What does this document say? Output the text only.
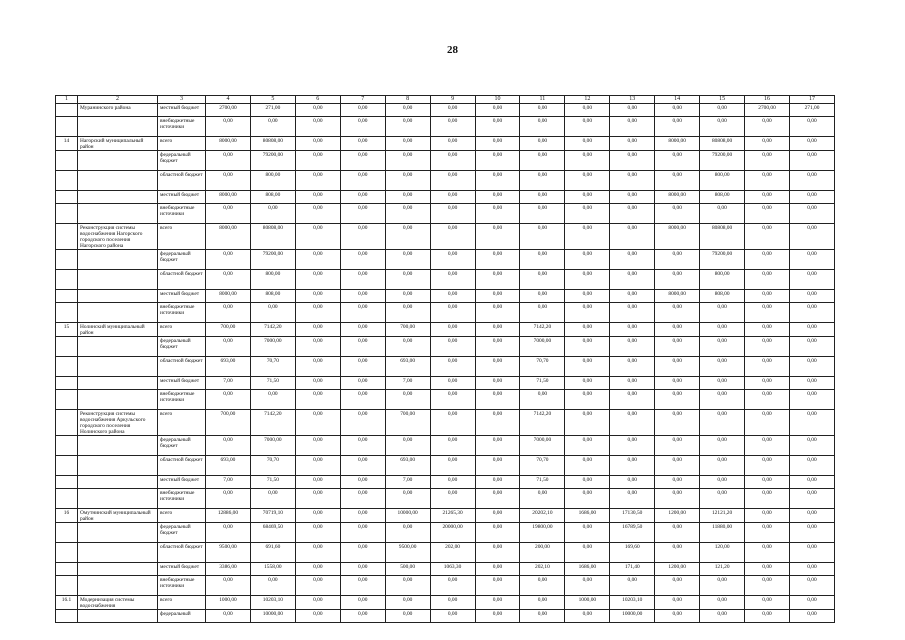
28
1	2	3	4	5	6	7	8	9	10	11	12	13	14	15	16	17
	Муранинского района	местный бюджет	2700,00	271,00	0,00	0,00	0,00	0,00	0,00	0,00	0,00	0,00	0,00	0,00	2700,00	271,00
		внебюджетные источники	0,00	0,00	0,00	0,00	0,00	0,00	0,00	0,00	0,00	0,00	0,00	0,00	0,00	0,00
14	Нагорский муниципальный район	всего	8000,00	80808,00	0,00	0,00	0,00	0,00	0,00	0,00	0,00	0,00	8000,00	80808,00	0,00	0,00
		федеральный бюджет	0,00	79200,00	0,00	0,00	0,00	0,00	0,00	0,00	0,00	0,00	0,00	79200,00	0,00	0,00
		областной бюджет	0,00	800,00	0,00	0,00	0,00	0,00	0,00	0,00	0,00	0,00	0,00	800,00	0,00	0,00
		местный бюджет	8000,00	808,00	0,00	0,00	0,00	0,00	0,00	0,00	0,00	0,00	8000,00	808,00	0,00	0,00
		внебюджетные источники	0,00	0,00	0,00	0,00	0,00	0,00	0,00	0,00	0,00	0,00	0,00	0,00	0,00	0,00
	Реконструкция системы водоснабжения Нагорского городского поселения Нагорского района	всего	8000,00	80808,00	0,00	0,00	0,00	0,00	0,00	0,00	0,00	0,00	8000,00	80808,00	0,00	0,00
		федеральный бюджет	0,00	79200,00	0,00	0,00	0,00	0,00	0,00	0,00	0,00	0,00	0,00	79200,00	0,00	0,00
		областной бюджет	0,00	800,00	0,00	0,00	0,00	0,00	0,00	0,00	0,00	0,00	0,00	800,00	0,00	0,00
		местный бюджет	8000,00	808,00	0,00	0,00	0,00	0,00	0,00	0,00	0,00	0,00	8000,00	808,00	0,00	0,00
		внебюджетные источники	0,00	0,00	0,00	0,00	0,00	0,00	0,00	0,00	0,00	0,00	0,00	0,00	0,00	0,00
15	Нолинский муниципальный район	всего	700,00	7142,20	0,00	0,00	700,00	0,00	0,00	7142,20	0,00	0,00	0,00	0,00	0,00	0,00
		федеральный бюджет	0,00	7000,00	0,00	0,00	0,00	0,00	0,00	7000,00	0,00	0,00	0,00	0,00	0,00	0,00
		областной бюджет	693,00	70,70	0,00	0,00	693,00	0,00	0,00	70,70	0,00	0,00	0,00	0,00	0,00	0,00
		местный бюджет	7,00	71,50	0,00	0,00	7,00	0,00	0,00	71,50	0,00	0,00	0,00	0,00	0,00	0,00
		внебюджетные источники	0,00	0,00	0,00	0,00	0,00	0,00	0,00	0,00	0,00	0,00	0,00	0,00	0,00	0,00
	Реконструкция системы водоснабжения Аркульского городского поселения Нолинского района	всего	700,00	7142,20	0,00	0,00	700,00	0,00	0,00	7142,20	0,00	0,00	0,00	0,00	0,00	0,00
		федеральный бюджет	0,00	7000,00	0,00	0,00	0,00	0,00	0,00	7000,00	0,00	0,00	0,00	0,00	0,00	0,00
		областной бюджет	693,00	70,70	0,00	0,00	693,00	0,00	0,00	70,70	0,00	0,00	0,00	0,00	0,00	0,00
		местный бюджет	7,00	71,50	0,00	0,00	7,00	0,00	0,00	71,50	0,00	0,00	0,00	0,00	0,00	0,00
		внебюджетные источники	0,00	0,00	0,00	0,00	0,00	0,00	0,00	0,00	0,00	0,00	0,00	0,00	0,00	0,00
16	Омутнинский муниципальный район	всего	12886,00	70719,10	0,00	0,00	10000,00	21265,30	0,00	20202,10	1686,00	17130,50	1200,00	12121,20	0,00	0,00
		федеральный бюджет	0,00	68469,50	0,00	0,00	0,00	20000,00	0,00	19800,00	0,00	16789,50	0,00	11880,00	0,00	0,00
		областной бюджет	9500,00	691,60	0,00	0,00	9500,00	202,00	0,00	200,00	0,00	169,60	0,00	120,00	0,00	0,00
		местный бюджет	3386,00	1558,00	0,00	0,00	500,00	1063,30	0,00	202,10	1686,00	171,40	1200,00	121,20	0,00	0,00
		внебюджетные источники	0,00	0,00	0,00	0,00	0,00	0,00	0,00	0,00	0,00	0,00	0,00	0,00	0,00	0,00
16.1	Модернизация системы водоснабжения	всего	1000,00	10203,10	0,00	0,00	0,00	0,00	0,00	0,00	1000,00	10203,10	0,00	0,00	0,00	0,00
		федеральный	0,00	10000,00	0,00	0,00	0,00	0,00	0,00	0,00	0,00	10000,00	0,00	0,00	0,00	0,00
